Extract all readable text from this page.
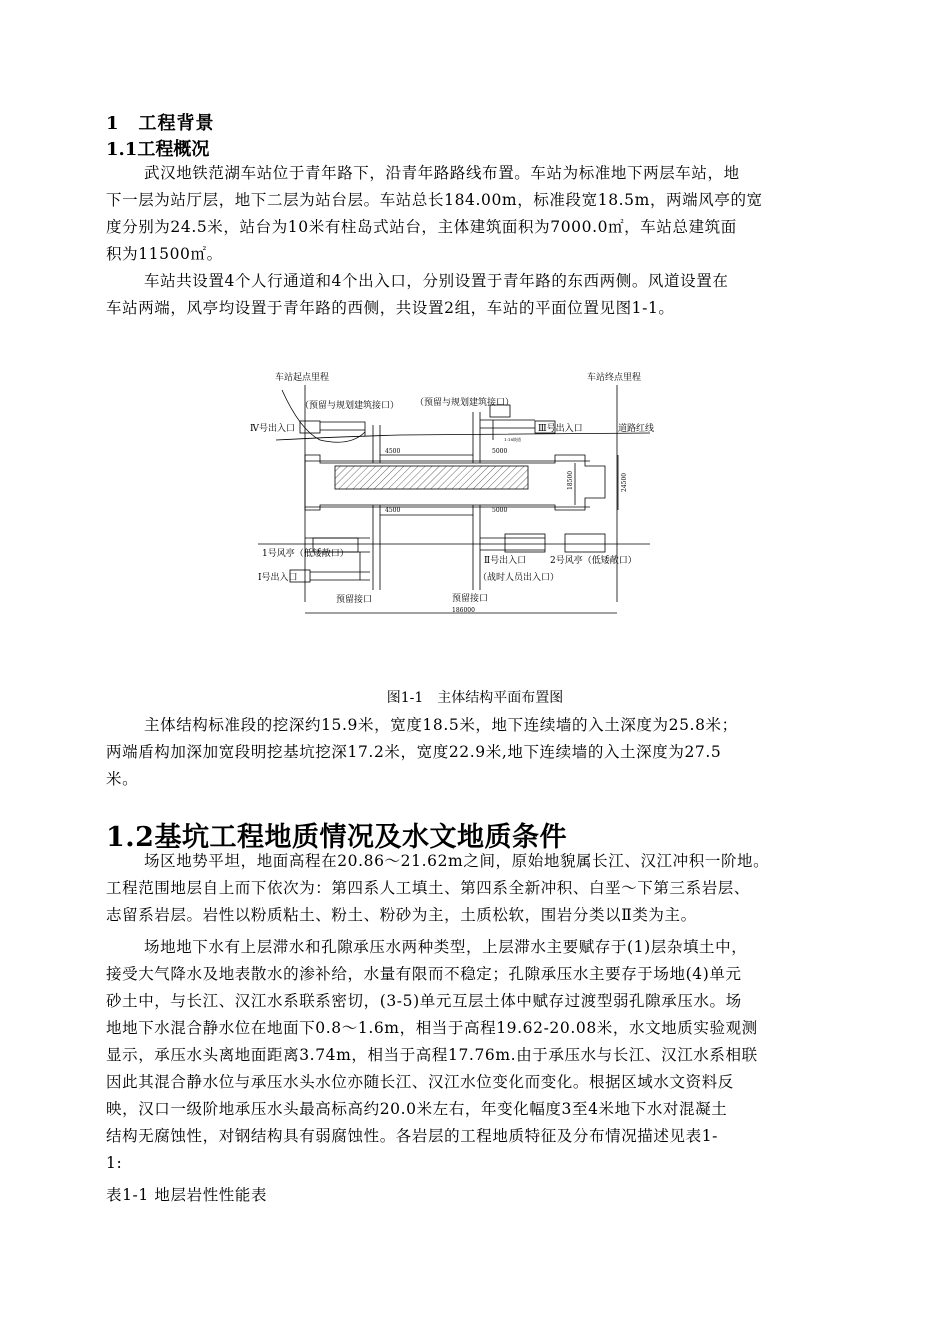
1　工程背景
1.1工程概况
武汉地铁范湖车站位于青年路下，沿青年路路线布置。车站为标准地下两层车站，地
下一层为站厅层，地下二层为站台层。车站总长184.00m，标准段宽18.5m，两端风亭的宽
度分别为24.5米，站台为10米有柱岛式站台，主体建筑面积为7000.0㎡，车站总建筑面
积为11500㎡。
车站共设置4个人行通道和4个出入口，分别设置于青年路的东西两侧。风道设置在
车站两端，风亭均设置于青年路的西侧，共设置2组，车站的平面位置见图1-1。
车站起点里程	车站终点里程
（预留与规划建筑接口） （预留与规划建筑接口）
Ⅳ号出入口	Ⅲ号出入口	道路红线
1:18坡道
4500	5000
18500	24500
4500	5000
1号风亭（低矮敞口）
Ⅱ号出入口	2号风亭（低矮敞口）
Ⅰ号出入口	（战时人员出入口）
预留接口	预留接口
186000
图1-1　主体结构平面布置图
主体结构标准段的挖深约15.9米，宽度18.5米，地下连续墙的入土深度为25.8米；
两端盾构加深加宽段明挖基坑挖深17.2米，宽度22.9米,地下连续墙的入土深度为27.5
米。
1.2基坑工程地质情况及水文地质条件
场区地势平坦，地面高程在20.86～21.62m之间，原始地貌属长江、汉江冲积一阶地。
工程范围地层自上而下依次为：第四系人工填土、第四系全新冲积、白垩～下第三系岩层、
志留系岩层。岩性以粉质粘土、粉土、粉砂为主，土质松软，围岩分类以Ⅱ类为主。
场地地下水有上层滞水和孔隙承压水两种类型，上层滞水主要赋存于(1)层杂填土中，
接受大气降水及地表散水的渗补给，水量有限而不稳定；孔隙承压水主要存于场地(4)单元
砂土中，与长江、汉江水系联系密切，(3-5)单元互层土体中赋存过渡型弱孔隙承压水。场
地地下水混合静水位在地面下0.8～1.6m，相当于高程19.62-20.08米，水文地质实验观测
显示，承压水头离地面距离3.74m，相当于高程17.76m.由于承压水与长江、汉江水系相联
因此其混合静水位与承压水头水位亦随长江、汉江水位变化而变化。根据区域水文资料反
映，汉口一级阶地承压水头最高标高约20.0米左右，年变化幅度3至4米地下水对混凝土
结构无腐蚀性，对钢结构具有弱腐蚀性。各岩层的工程地质特征及分布情况描述见表1-
1:
表1-1 地层岩性性能表
